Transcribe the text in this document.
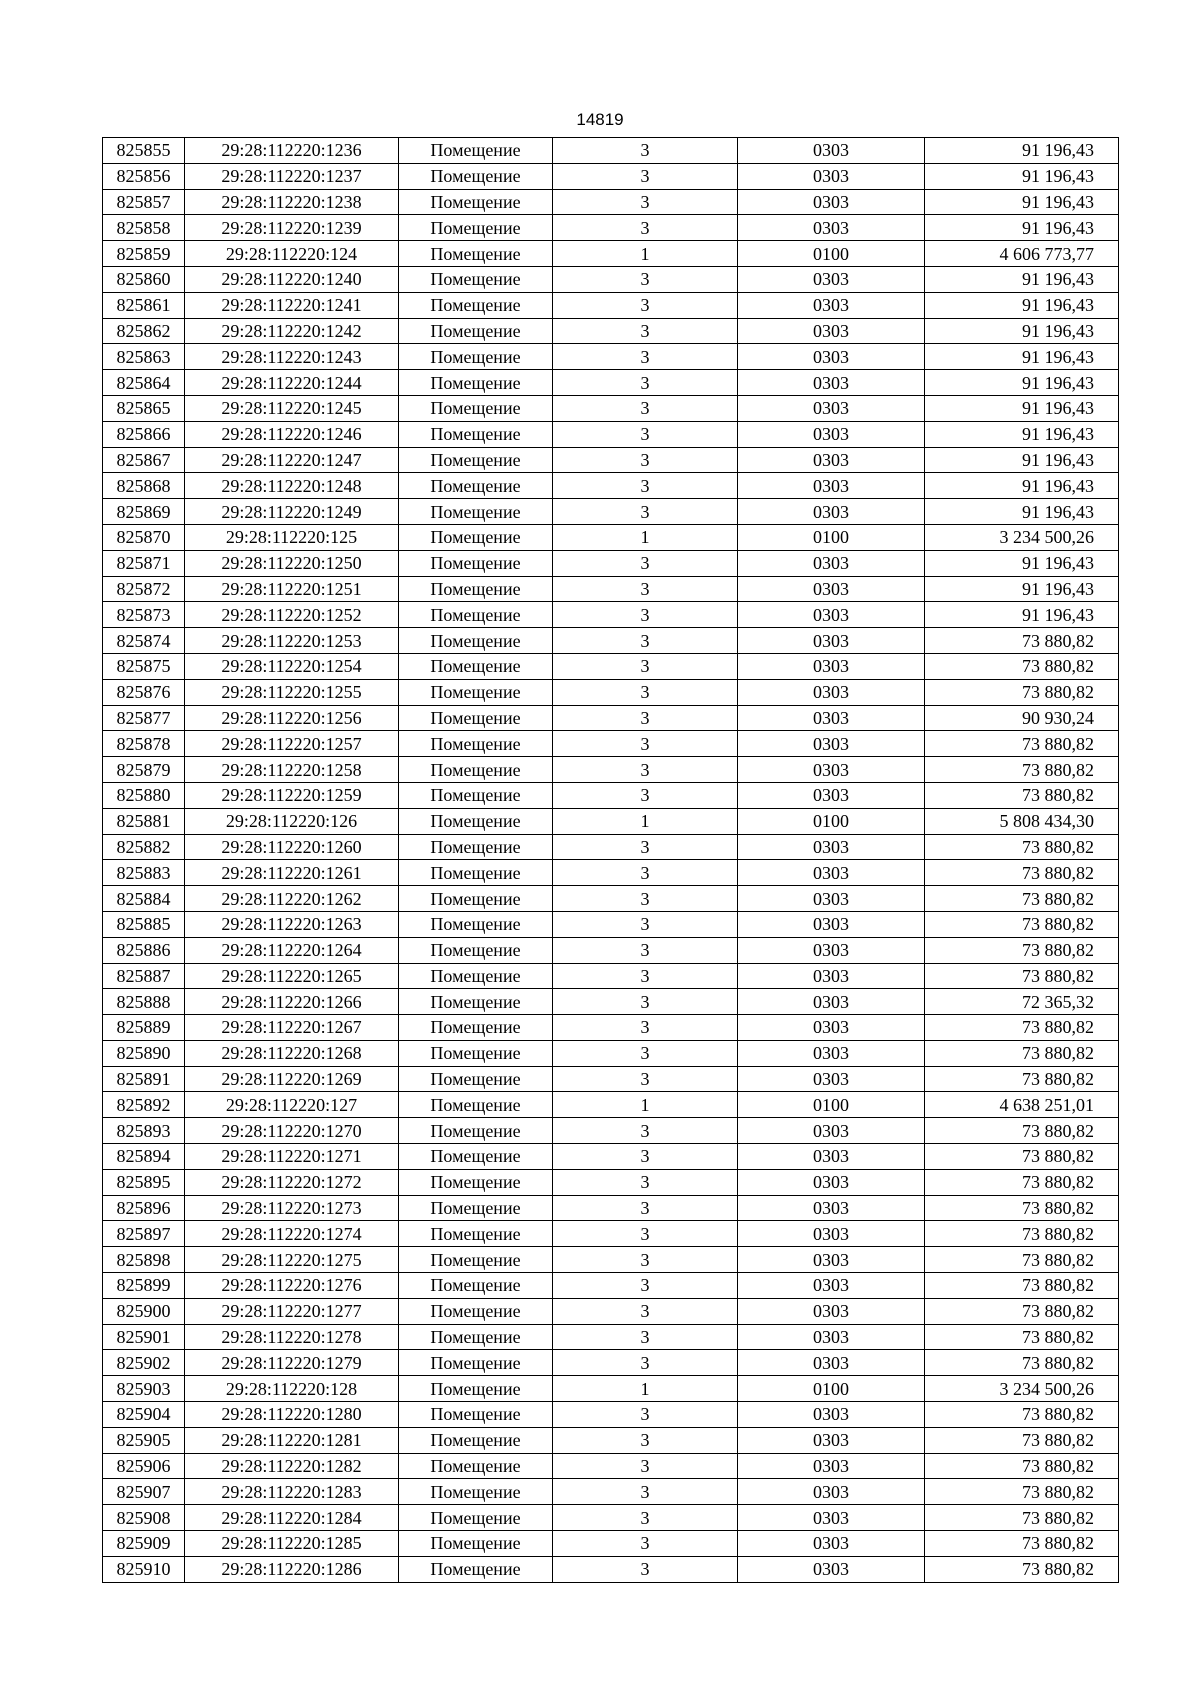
14819
825855	29:28:112220:1236	Помещение	3	0303	91 196,43
825856	29:28:112220:1237	Помещение	3	0303	91 196,43
825857	29:28:112220:1238	Помещение	3	0303	91 196,43
825858	29:28:112220:1239	Помещение	3	0303	91 196,43
825859	29:28:112220:124	Помещение	1	0100	4 606 773,77
825860	29:28:112220:1240	Помещение	3	0303	91 196,43
825861	29:28:112220:1241	Помещение	3	0303	91 196,43
825862	29:28:112220:1242	Помещение	3	0303	91 196,43
825863	29:28:112220:1243	Помещение	3	0303	91 196,43
825864	29:28:112220:1244	Помещение	3	0303	91 196,43
825865	29:28:112220:1245	Помещение	3	0303	91 196,43
825866	29:28:112220:1246	Помещение	3	0303	91 196,43
825867	29:28:112220:1247	Помещение	3	0303	91 196,43
825868	29:28:112220:1248	Помещение	3	0303	91 196,43
825869	29:28:112220:1249	Помещение	3	0303	91 196,43
825870	29:28:112220:125	Помещение	1	0100	3 234 500,26
825871	29:28:112220:1250	Помещение	3	0303	91 196,43
825872	29:28:112220:1251	Помещение	3	0303	91 196,43
825873	29:28:112220:1252	Помещение	3	0303	91 196,43
825874	29:28:112220:1253	Помещение	3	0303	73 880,82
825875	29:28:112220:1254	Помещение	3	0303	73 880,82
825876	29:28:112220:1255	Помещение	3	0303	73 880,82
825877	29:28:112220:1256	Помещение	3	0303	90 930,24
825878	29:28:112220:1257	Помещение	3	0303	73 880,82
825879	29:28:112220:1258	Помещение	3	0303	73 880,82
825880	29:28:112220:1259	Помещение	3	0303	73 880,82
825881	29:28:112220:126	Помещение	1	0100	5 808 434,30
825882	29:28:112220:1260	Помещение	3	0303	73 880,82
825883	29:28:112220:1261	Помещение	3	0303	73 880,82
825884	29:28:112220:1262	Помещение	3	0303	73 880,82
825885	29:28:112220:1263	Помещение	3	0303	73 880,82
825886	29:28:112220:1264	Помещение	3	0303	73 880,82
825887	29:28:112220:1265	Помещение	3	0303	73 880,82
825888	29:28:112220:1266	Помещение	3	0303	72 365,32
825889	29:28:112220:1267	Помещение	3	0303	73 880,82
825890	29:28:112220:1268	Помещение	3	0303	73 880,82
825891	29:28:112220:1269	Помещение	3	0303	73 880,82
825892	29:28:112220:127	Помещение	1	0100	4 638 251,01
825893	29:28:112220:1270	Помещение	3	0303	73 880,82
825894	29:28:112220:1271	Помещение	3	0303	73 880,82
825895	29:28:112220:1272	Помещение	3	0303	73 880,82
825896	29:28:112220:1273	Помещение	3	0303	73 880,82
825897	29:28:112220:1274	Помещение	3	0303	73 880,82
825898	29:28:112220:1275	Помещение	3	0303	73 880,82
825899	29:28:112220:1276	Помещение	3	0303	73 880,82
825900	29:28:112220:1277	Помещение	3	0303	73 880,82
825901	29:28:112220:1278	Помещение	3	0303	73 880,82
825902	29:28:112220:1279	Помещение	3	0303	73 880,82
825903	29:28:112220:128	Помещение	1	0100	3 234 500,26
825904	29:28:112220:1280	Помещение	3	0303	73 880,82
825905	29:28:112220:1281	Помещение	3	0303	73 880,82
825906	29:28:112220:1282	Помещение	3	0303	73 880,82
825907	29:28:112220:1283	Помещение	3	0303	73 880,82
825908	29:28:112220:1284	Помещение	3	0303	73 880,82
825909	29:28:112220:1285	Помещение	3	0303	73 880,82
825910	29:28:112220:1286	Помещение	3	0303	73 880,82
